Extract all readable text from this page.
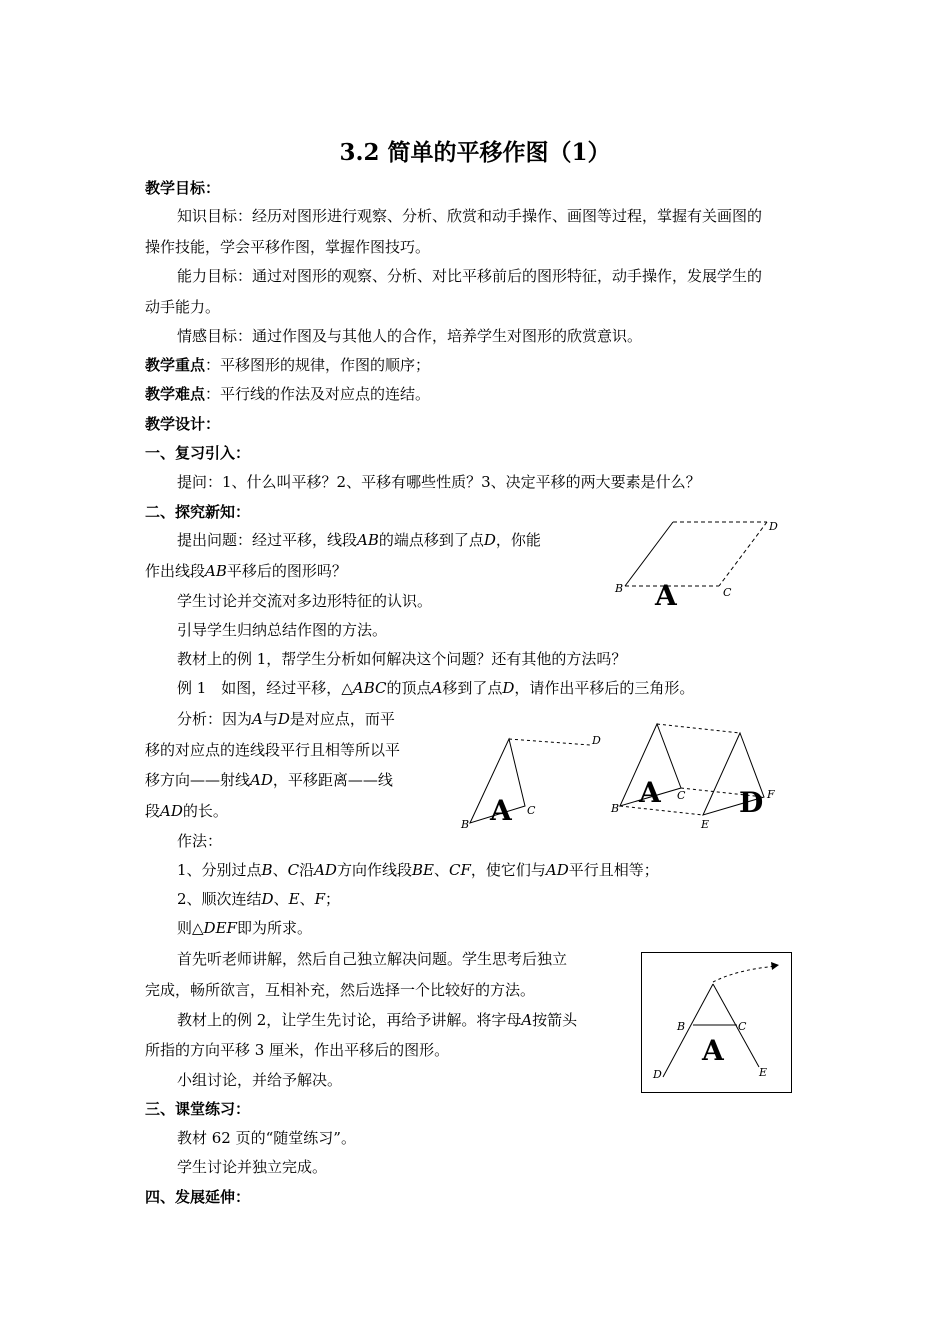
3.2 简单的平移作图（1）
教学目标：
知识目标：经历对图形进行观察、分析、欣赏和动手操作、画图等过程，掌握有关画图的
操作技能，学会平移作图，掌握作图技巧。
能力目标：通过对图形的观察、分析、对比平移前后的图形特征，动手操作，发展学生的
动手能力。
情感目标：通过作图及与其他人的合作，培养学生对图形的欣赏意识。
教学重点：平移图形的规律，作图的顺序；
教学难点：平行线的作法及对应点的连结。
教学设计：
一、复习引入：
提问：1、什么叫平移？2、平移有哪些性质？3、决定平移的两大要素是什么？
二、探究新知：
提出问题：经过平移，线段AB的端点移到了点D，你能
作出线段AB平移后的图形吗？
学生讨论并交流对多边形特征的认识。
引导学生归纳总结作图的方法。
教材上的例 1，帮学生分析如何解决这个问题？还有其他的方法吗？
例 1　如图，经过平移，△ABC的顶点A移到了点D，请作出平移后的三角形。
分析：因为A与D是对应点，而平
移的对应点的连线段平行且相等所以平
移方向——射线AD，平移距离——线
段AD的长。
作法：
1、分别过点B、C沿AD方向作线段BE、CF，使它们与AD平行且相等；
2、顺次连结D、E、F；
则△DEF即为所求。
首先听老师讲解，然后自己独立解决问题。学生思考后独立
完成，畅所欲言，互相补充，然后选择一个比较好的方法。
教材上的例 2，让学生先讨论，再给予讲解。将字母A按箭头
所指的方向平移 3 厘米，作出平移后的图形。
小组讨论，并给予解决。
三、课堂练习：
教材 62 页的“随堂练习”。
学生讨论并独立完成。
四、发展延伸：
D
B	C
A
D
B
C
A	B
C
E
F
A	D
B	C
D	E
A
